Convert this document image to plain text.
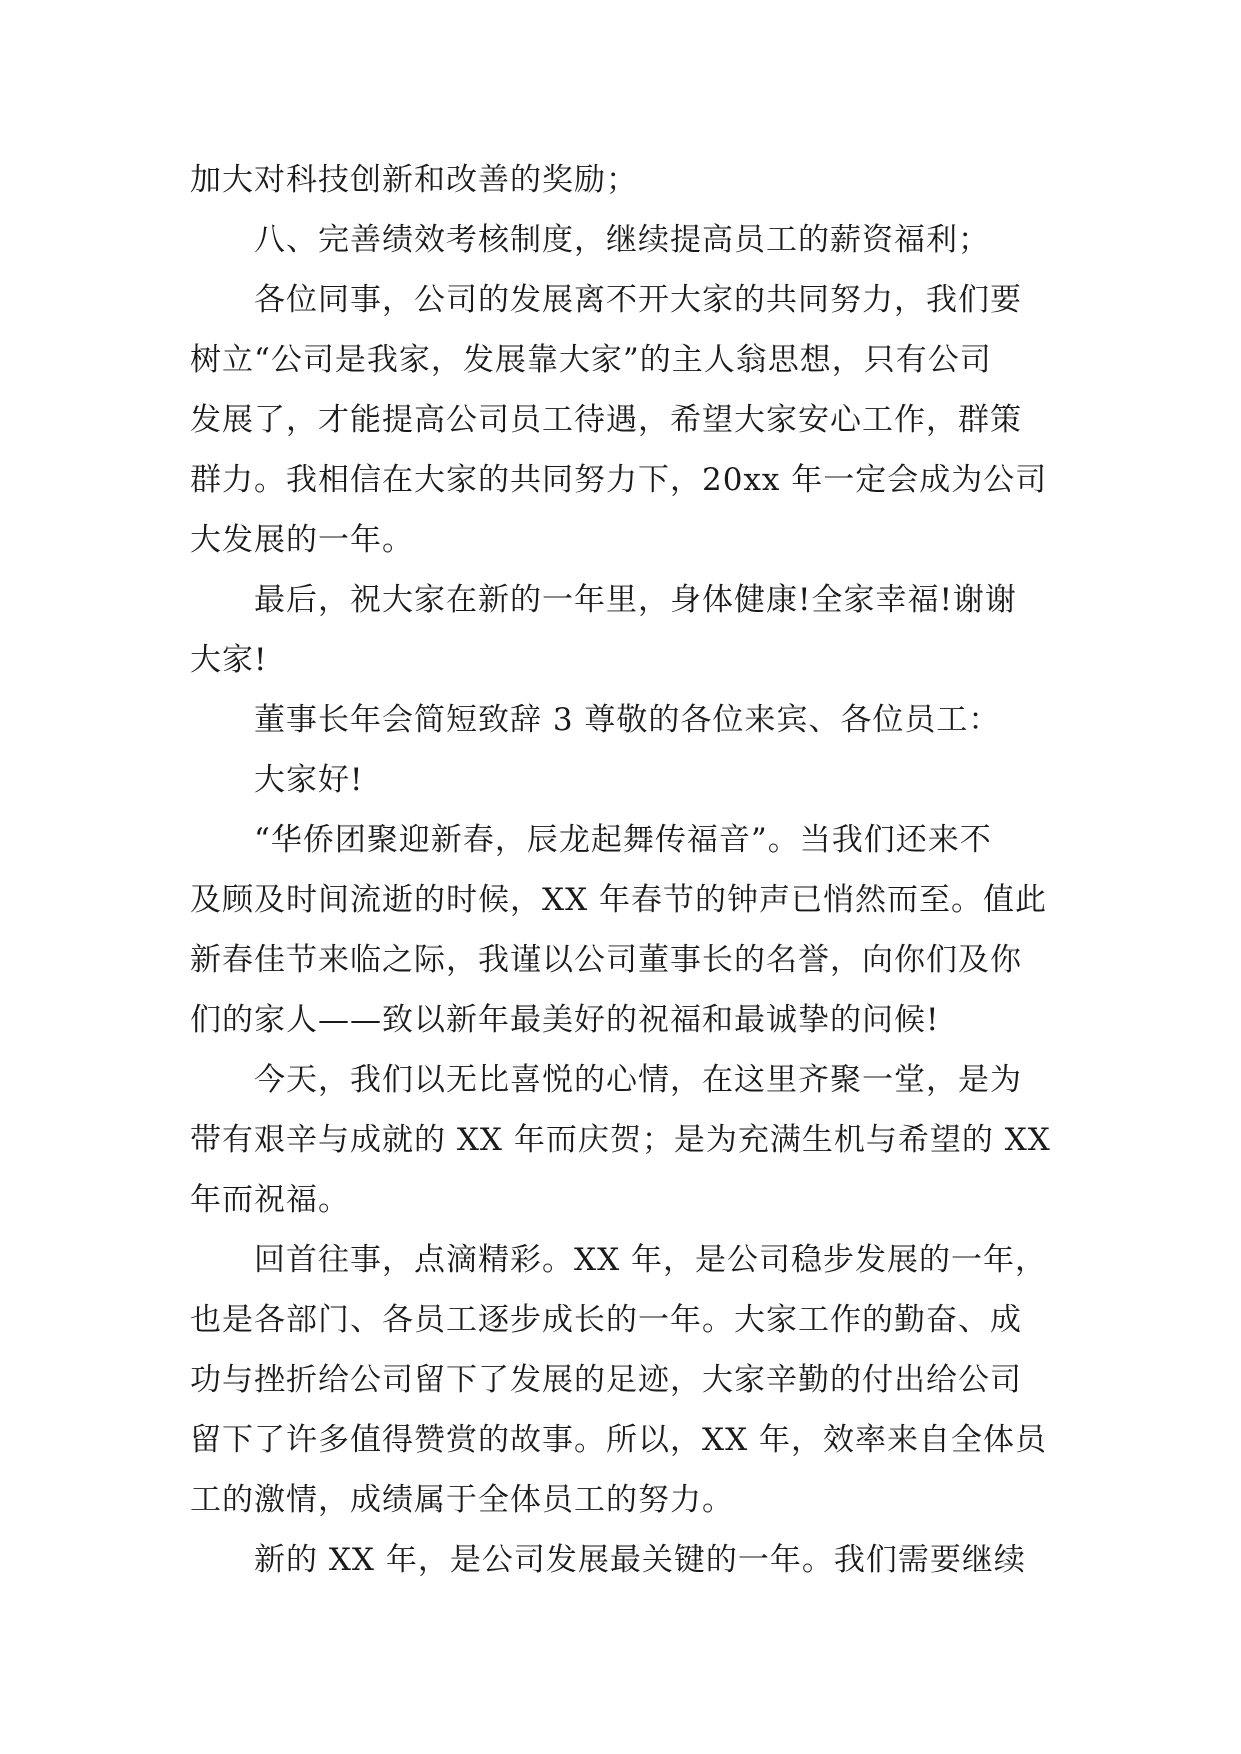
加大对科技创新和改善的奖励；
八、完善绩效考核制度，继续提高员工的薪资福利；
各位同事，公司的发展离不开大家的共同努力，我们要
树立“公司是我家，发展靠大家”的主人翁思想，只有公司
发展了，才能提高公司员工待遇，希望大家安心工作，群策
群力。我相信在大家的共同努力下，20xx 年一定会成为公司
大发展的一年。
最后，祝大家在新的一年里，身体健康!全家幸福!谢谢
大家!
董事长年会简短致辞 3 尊敬的各位来宾、各位员工：
大家好!
“华侨团聚迎新春，辰龙起舞传福音”。当我们还来不
及顾及时间流逝的时候，XX 年春节的钟声已悄然而至。值此
新春佳节来临之际，我谨以公司董事长的名誉，向你们及你
们的家人——致以新年最美好的祝福和最诚挚的问候!
今天，我们以无比喜悦的心情，在这里齐聚一堂，是为
带有艰辛与成就的 XX 年而庆贺；是为充满生机与希望的 XX
年而祝福。
回首往事，点滴精彩。XX 年，是公司稳步发展的一年，
也是各部门、各员工逐步成长的一年。大家工作的勤奋、成
功与挫折给公司留下了发展的足迹，大家辛勤的付出给公司
留下了许多值得赞赏的故事。所以，XX 年，效率来自全体员
工的激情，成绩属于全体员工的努力。
新的 XX 年，是公司发展最关键的一年。我们需要继续
